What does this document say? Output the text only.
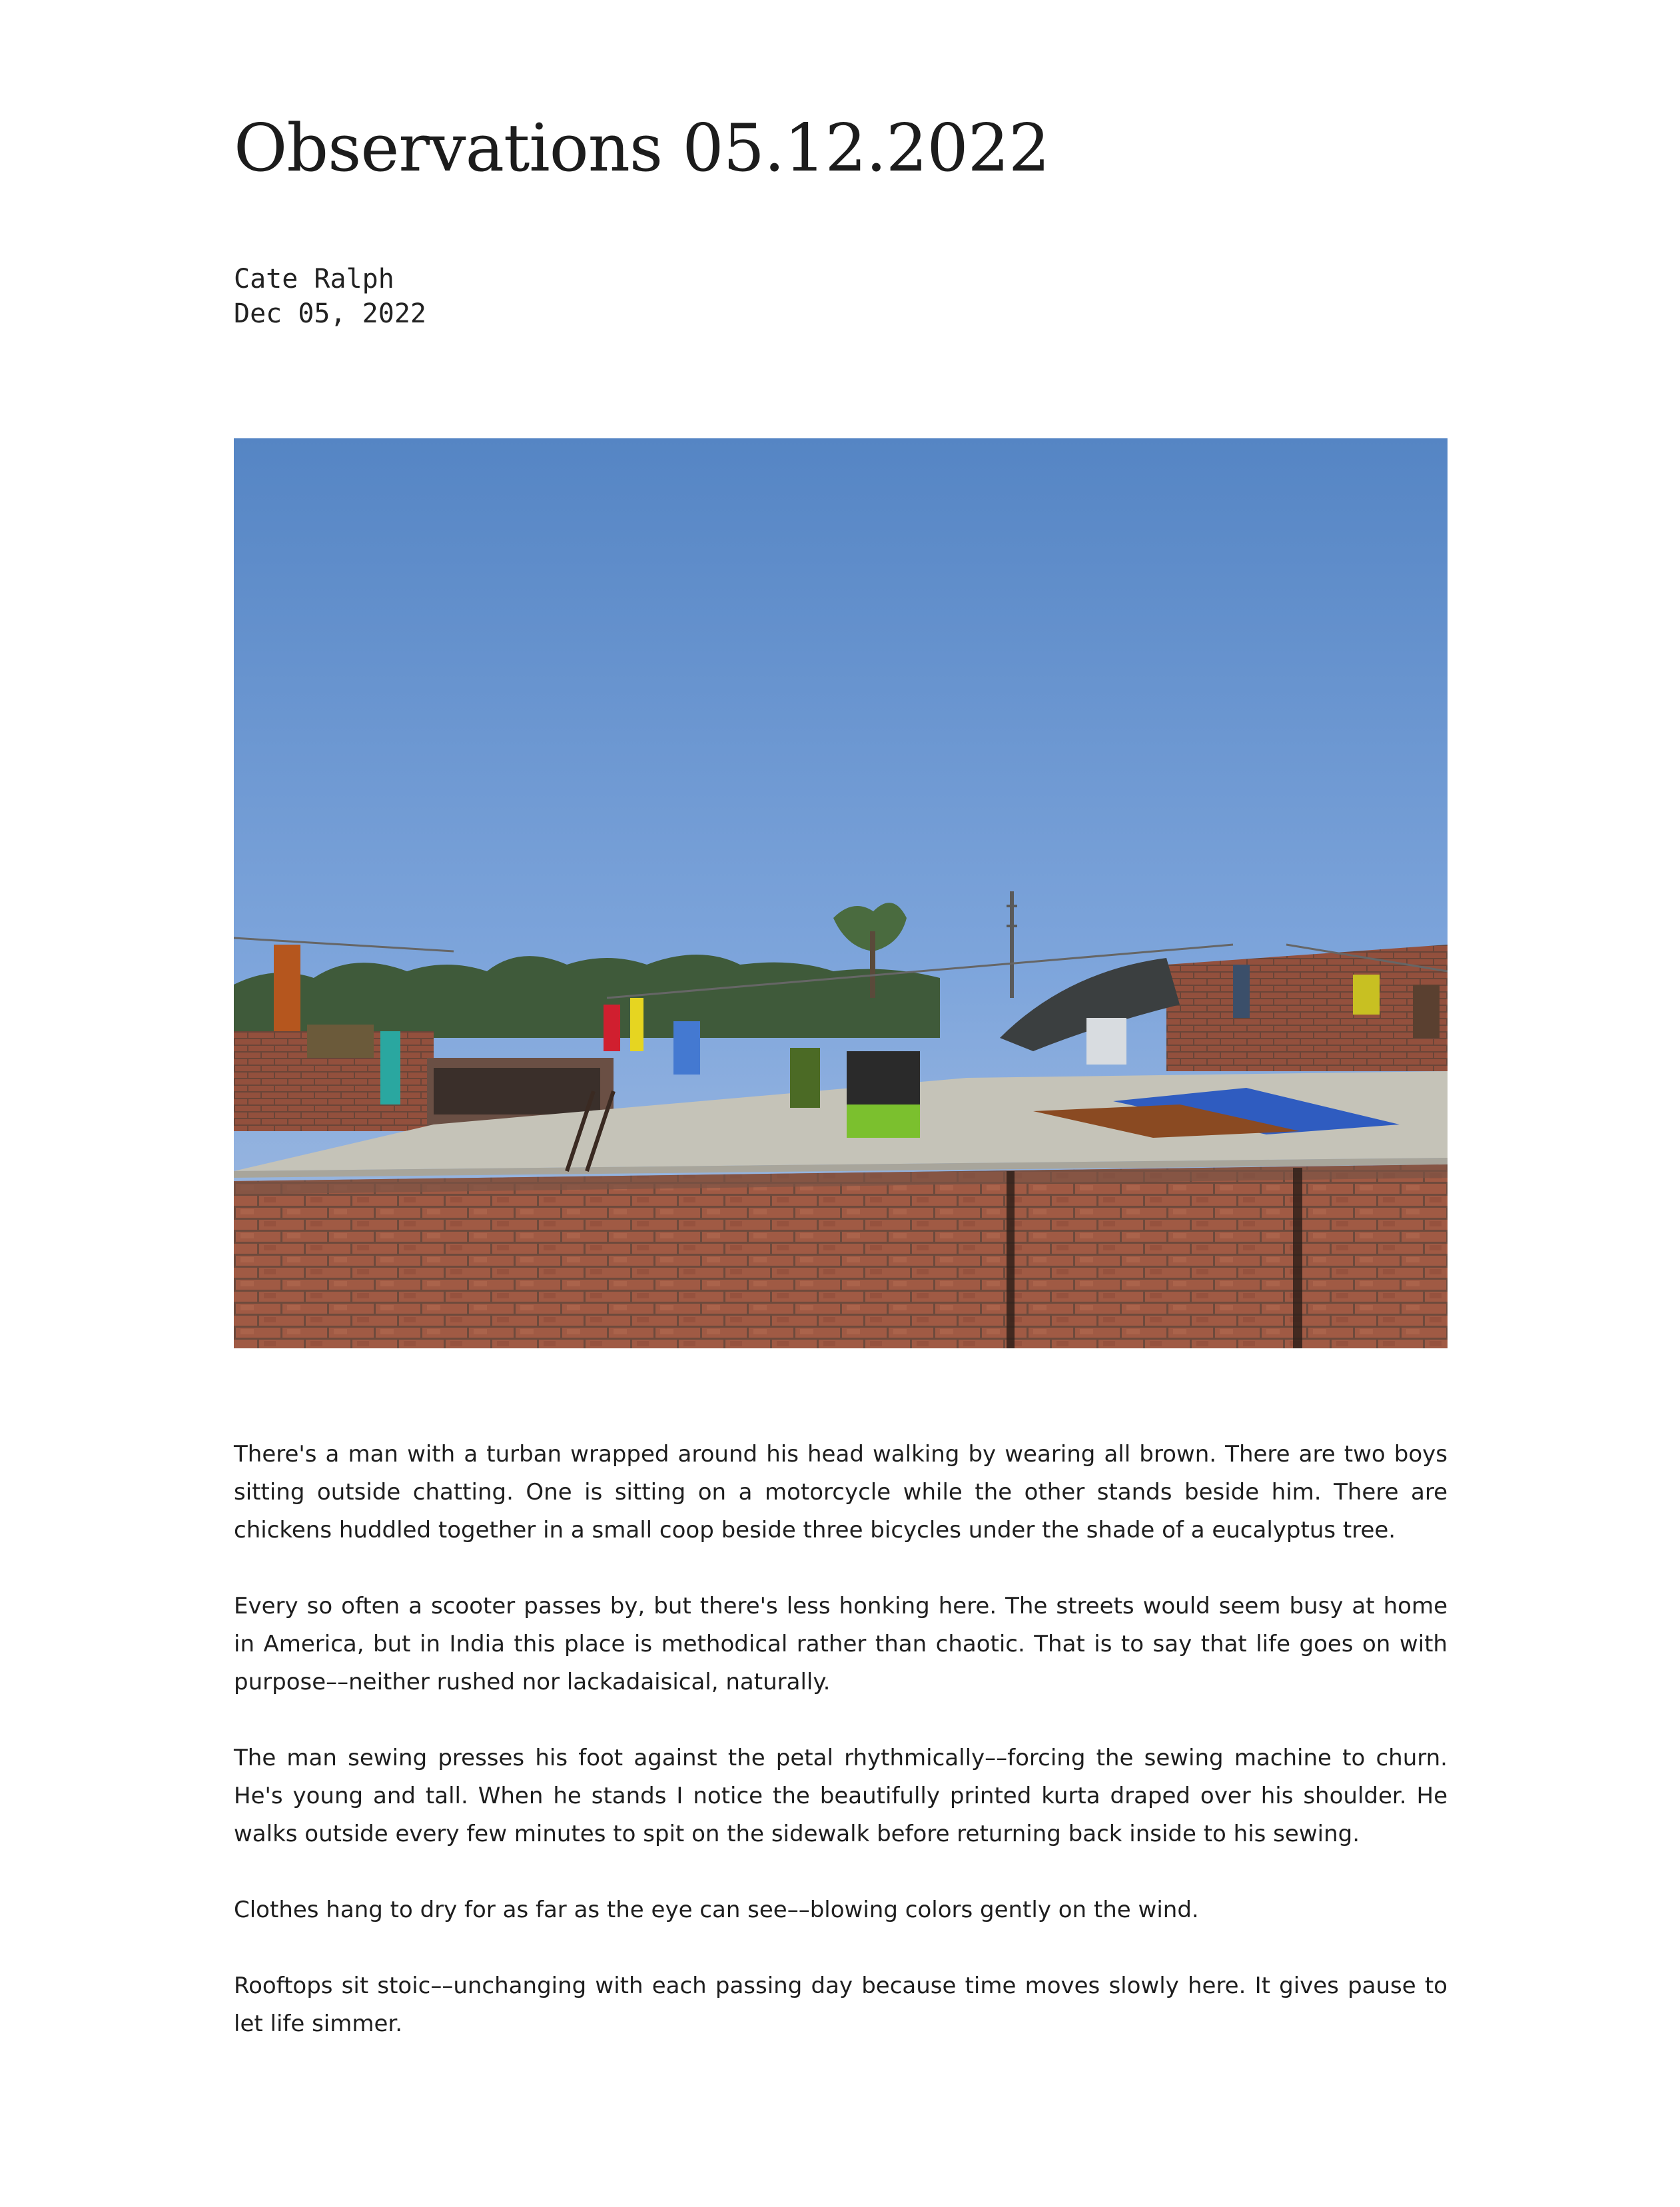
Observations 05.12.2022
Cate Ralph
Dec 05, 2022

There's a man with a turban wrapped around his head walking by wearing all brown. There are two boys sitting outside chatting. One is sitting on a motorcycle while the other stands beside him. There are chickens huddled together in a small coop beside three bicycles under the shade of a eucalyptus tree.

Every so often a scooter passes by, but there's less honking here. The streets would seem busy at home in America, but in India this place is methodical rather than chaotic. That is to say that life goes on with purpose––neither rushed nor lackadaisical, naturally.

The man sewing presses his foot against the petal rhythmically––forcing the sewing machine to churn. He's young and tall. When he stands I notice the beautifully printed kurta draped over his shoulder. He walks outside every few minutes to spit on the sidewalk before returning back inside to his sewing.

Clothes hang to dry for as far as the eye can see––blowing colors gently on the wind.

Rooftops sit stoic––unchanging with each passing day because time moves slowly here. It gives pause to let life simmer.
